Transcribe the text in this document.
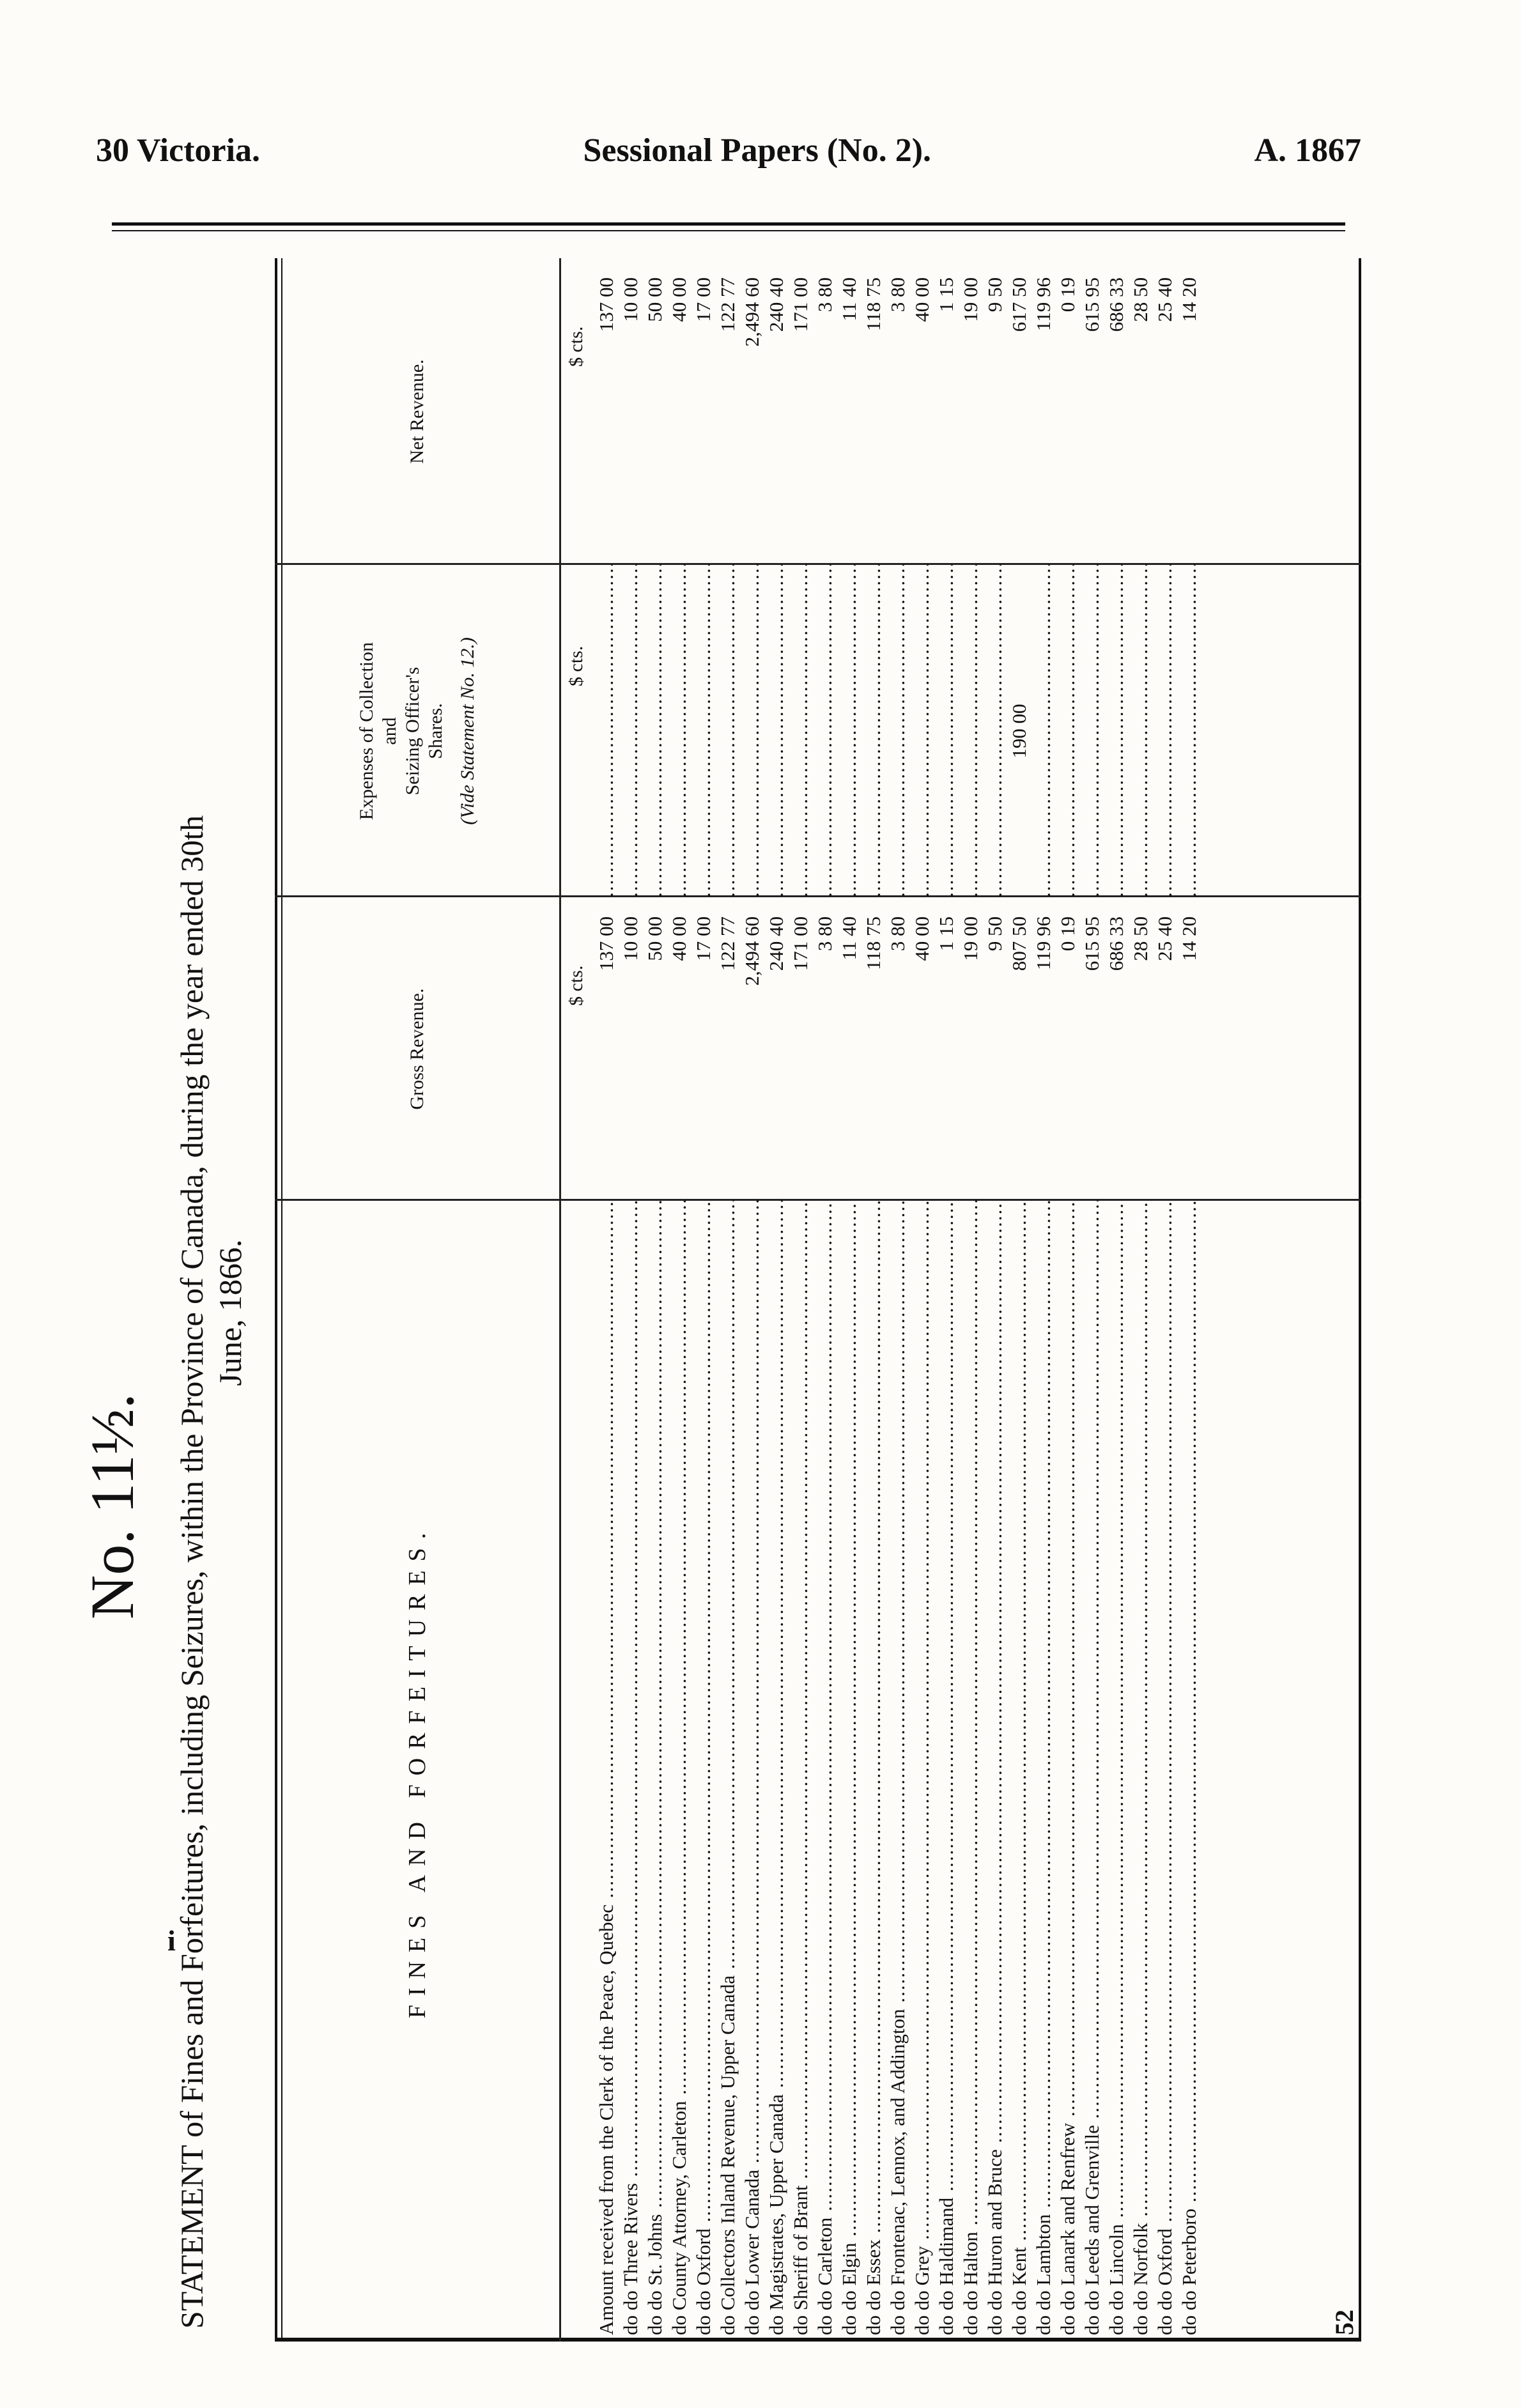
30 Victoria.	Sessional Papers (No. 2).	A. 1867
No. 11½. STATEMENT of Fines and Forfeitures, including Seizures, within the Province of Canada, during the year ended 30th June, 1866.
FINES AND FORFEITURES.
Gross Revenue.
Expenses of Collection and Seizing Officer's Shares. (Vide Statement No. 12.)
Net Revenue.
$ cts.
$ cts.
$ cts.
Amount received from the Clerk of the Peace, Quebec .....
137 00
.....
137 00
do do Three Rivers .....
10 00
.....
10 00
do do St. Johns .....
50 00
.....
50 00
do County Attorney, Carleton .....
40 00
.....
40 00
do do Oxford .....
17 00
.....
17 00
do Collectors Inland Revenue, Upper Canada .....
122 77
.....
122 77
do do Lower Canada .....
2,494 60
.....
2,494 60
do Magistrates, Upper Canada .....
240 40
.....
240 40
do Sheriff of Brant .....
171 00
.....
171 00
do do Carleton .....
3 80
.....
3 80
do do Elgin .....
11 40
.....
11 40
do do Essex .....
118 75
.....
118 75
do do Frontenac, Lennox, and Addington .....
3 80
.....
3 80
do do Grey .....
40 00
.....
40 00
do do Haldimand .....
1 15
.....
1 15
do do Halton .....
19 00
.....
19 00
do do Huron and Bruce .....
9 50
.....
9 50
do do Kent .....
807 50
190 00
617 50
do do Lambton .....
119 96
.....
119 96
do do Lanark and Renfrew .....
0 19
.....
0 19
do do Leeds and Grenville .....
615 95
.....
615 95
do do Lincoln .....
686 33
.....
686 33
do do Norfolk .....
28 50
.....
28 50
do do Oxford .....
25 40
.....
25 40
do do Peterboro .....
14 20
.....
14 20
52
i
